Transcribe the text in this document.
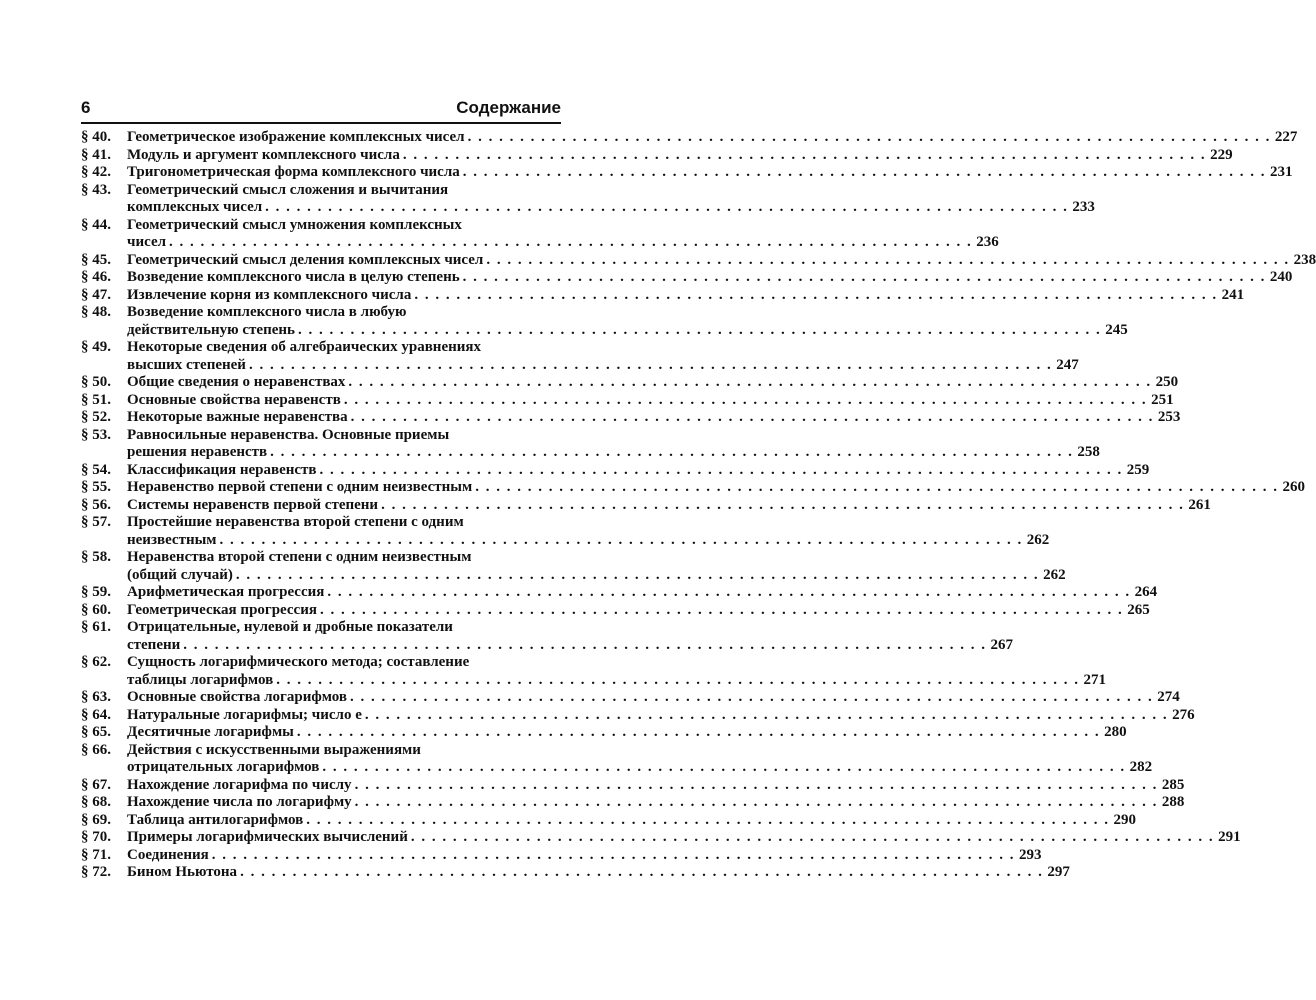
6	Содержание
§ 40.	Геометрическое изображение комплексных чисел . . .	227
§ 41.	Модуль и аргумент комплексного числа . . .	229
§ 42.	Тригонометрическая форма комплексного числа . . .	231
§ 43.	Геометрический смысл сложения и вычитания
комплексных чисел . . .	233
§ 44.	Геометрический смысл умножения комплексных
чисел . . .	236
§ 45.	Геометрический смысл деления комплексных чисел . . .	238
§ 46.	Возведение комплексного числа в целую степень . . .	240
§ 47.	Извлечение корня из комплексного числа . . .	241
§ 48.	Возведение комплексного числа в любую
действительную степень . . .	245
§ 49.	Некоторые сведения об алгебраических уравнениях
высших степеней . . .	247
§ 50.	Общие сведения о неравенствах . . .	250
§ 51.	Основные свойства неравенств . . .	251
§ 52.	Некоторые важные неравенства . . .	253
§ 53.	Равносильные неравенства. Основные приемы
решения неравенств . . .	258
§ 54.	Классификация неравенств . . .	259
§ 55.	Неравенство первой степени с одним неизвестным . . .	260
§ 56.	Системы неравенств первой степени . . .	261
§ 57.	Простейшие неравенства второй степени с одним
неизвестным . . .	262
§ 58.	Неравенства второй степени с одним неизвестным
(общий случай) . . .	262
§ 59.	Арифметическая прогрессия . . .	264
§ 60.	Геометрическая прогрессия . . .	265
§ 61.	Отрицательные, нулевой и дробные показатели
степени . . .	267
§ 62.	Сущность логарифмического метода; составление
таблицы логарифмов . . .	271
§ 63.	Основные свойства логарифмов . . .	274
§ 64.	Натуральные логарифмы; число е . . .	276
§ 65.	Десятичные логарифмы . . .	280
§ 66.	Действия с искусственными выражениями
отрицательных логарифмов . . .	282
§ 67.	Нахождение логарифма по числу . . .	285
§ 68.	Нахождение числа по логарифму . . .	288
§ 69.	Таблица антилогарифмов . . .	290
§ 70.	Примеры логарифмических вычислений . . .	291
§ 71.	Соединения . . .	293
§ 72.	Бином Ньютона . . .	297
